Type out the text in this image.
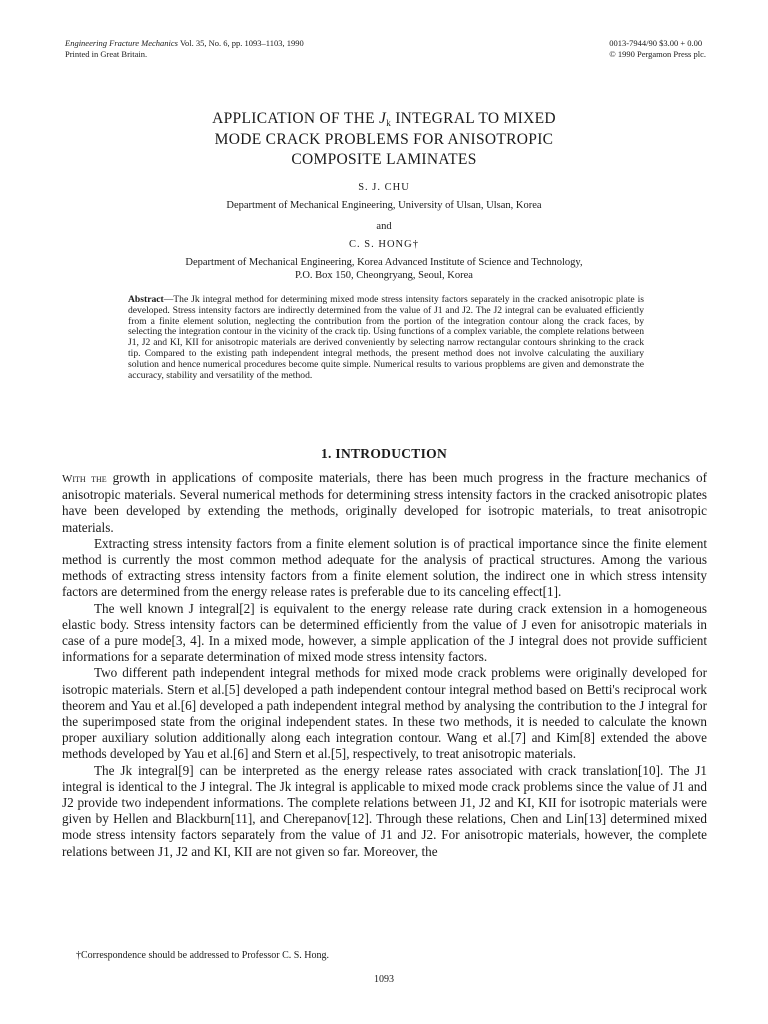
Engineering Fracture Mechanics Vol. 35, No. 6, pp. 1093–1103, 1990
Printed in Great Britain.
0013-7944/90 $3.00 + 0.00
© 1990 Pergamon Press plc.
APPLICATION OF THE Jk INTEGRAL TO MIXED
MODE CRACK PROBLEMS FOR ANISOTROPIC
COMPOSITE LAMINATES
S. J. CHU
Department of Mechanical Engineering, University of Ulsan, Ulsan, Korea
and
C. S. HONG†
Department of Mechanical Engineering, Korea Advanced Institute of Science and Technology,
P.O. Box 150, Cheongryang, Seoul, Korea
Abstract—The Jk integral method for determining mixed mode stress intensity factors separately in the cracked anisotropic plate is developed. Stress intensity factors are indirectly determined from the value of J1 and J2. The J2 integral can be evaluated efficiently from a finite element solution, neglecting the contribution from the portion of the integration contour along the crack faces, by selecting the integration contour in the vicinity of the crack tip. Using functions of a complex variable, the complete relations between J1, J2 and KI, KII for anisotropic materials are derived conveniently by selecting narrow rectangular contours shrinking to the crack tip. Compared to the existing path independent integral methods, the present method does not involve calculating the auxiliary solution and hence numerical procedures become quite simple. Numerical results to various propblems are given and demonstrate the accuracy, stability and versatility of the method.
1. INTRODUCTION

With the growth in applications of composite materials, there has been much progress in the fracture mechanics of anisotropic materials. Several numerical methods for determining stress intensity factors in the cracked anisotropic plates have been developed by extending the methods, originally developed for isotropic materials, to treat anisotropic materials.

Extracting stress intensity factors from a finite element solution is of practical importance since the finite element method is currently the most common method adequate for the analysis of practical structures. Among the various methods of extracting stress intensity factors from a finite element solution, the indirect one in which stress intensity factors are determined from the energy release rates is preferable due to its canceling effect[1].

The well known J integral[2] is equivalent to the energy release rate during crack extension in a homogeneous elastic body. Stress intensity factors can be determined efficiently from the value of J even for anisotropic materials in case of a pure mode[3, 4]. In a mixed mode, however, a simple application of the J integral does not provide sufficient informations for a separate determination of mixed mode stress intensity factors.

Two different path independent integral methods for mixed mode crack problems were originally developed for isotropic materials. Stern et al.[5] developed a path independent contour integral method based on Betti's reciprocal work theorem and Yau et al.[6] developed a path independent integral method by analysing the contribution to the J integral for the superimposed state from the original independent states. In these two methods, it is needed to calculate the known proper auxiliary solution additionally along each integration contour. Wang et al.[7] and Kim[8] extended the above methods developed by Yau et al.[6] and Stern et al.[5], respectively, to treat anisotropic materials.

The Jk integral[9] can be interpreted as the energy release rates associated with crack translation[10]. The J1 integral is identical to the J integral. The Jk integral is applicable to mixed mode crack problems since the value of J1 and J2 provide two independent informations. The complete relations between J1, J2 and KI, KII for isotropic materials were given by Hellen and Blackburn[11], and Cherepanov[12]. Through these relations, Chen and Lin[13] determined mixed mode stress intensity factors separately from the value of J1 and J2. For anisotropic materials, however, the complete relations between J1, J2 and KI, KII are not given so far. Moreover, the

†Correspondence should be addressed to Professor C. S. Hong.
1093
